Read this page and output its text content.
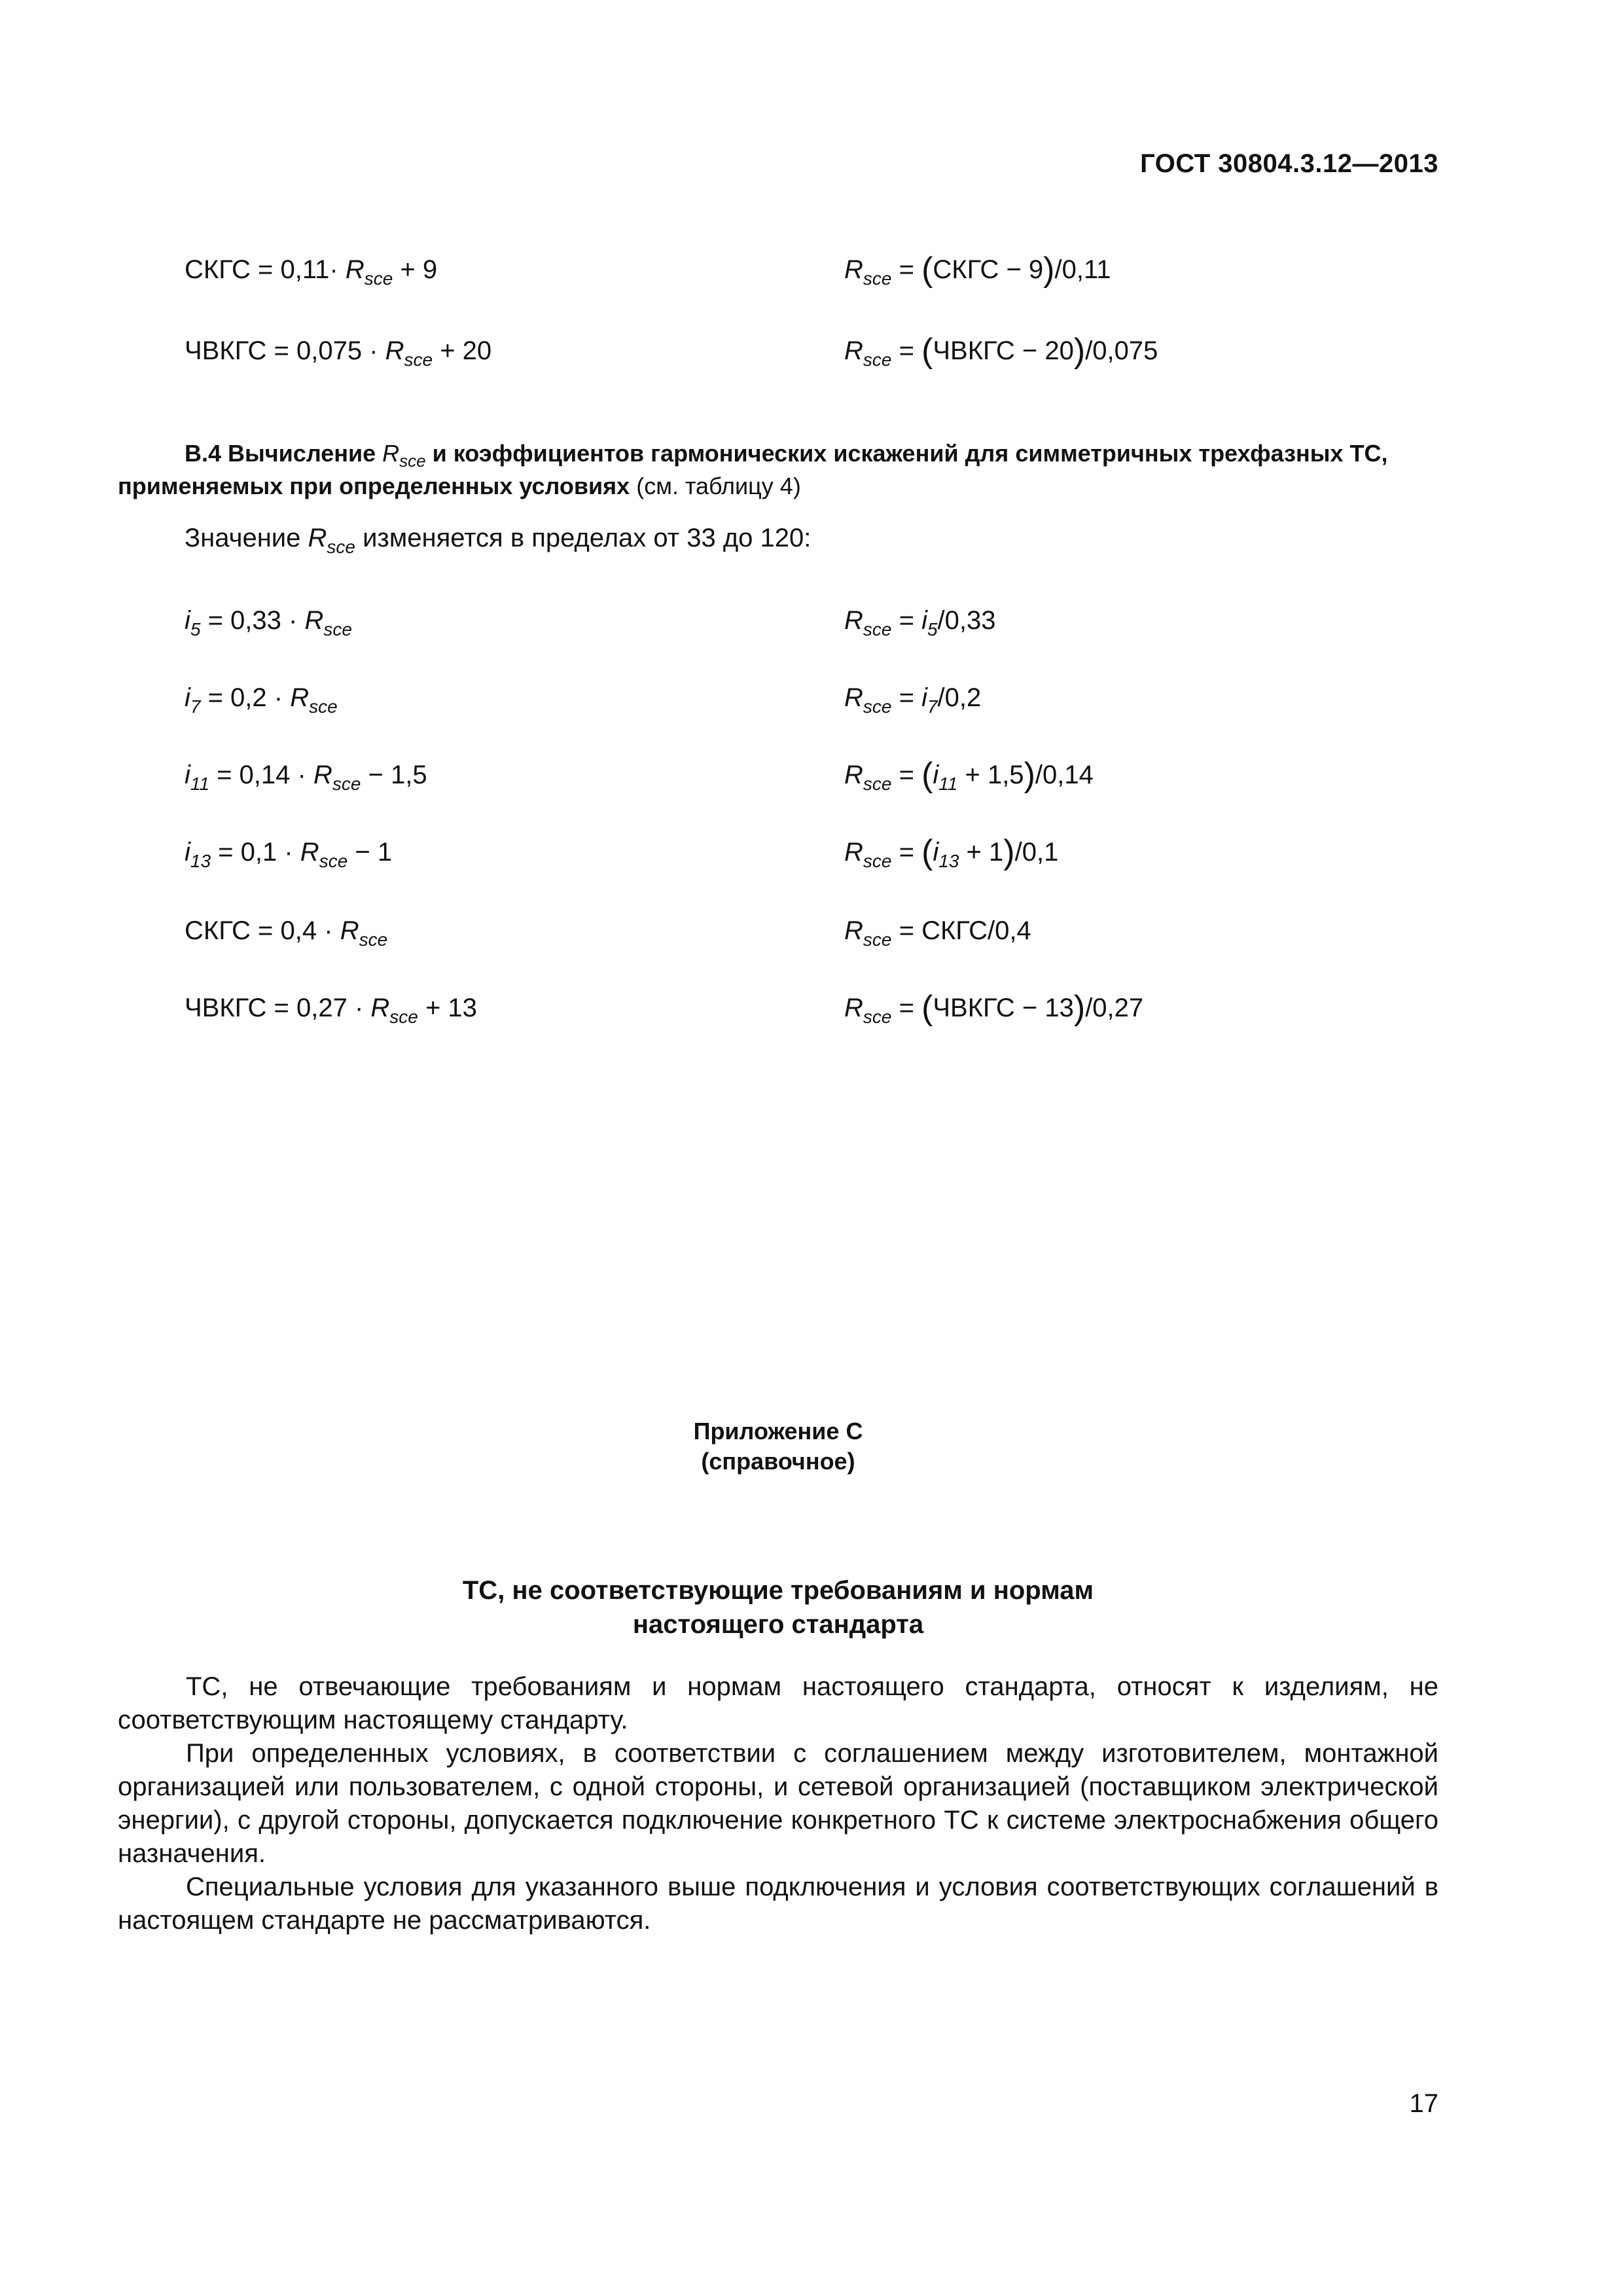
ГОСТ 30804.3.12—2013
СКГС = $0,11\cdot R_{sce} + 9$	$R_{sce}$ = (СКГС − 9)/0,11
ЧВКГС = $0,075 \cdot R_{sce} + 20$	$R_{sce}$ = (ЧВКГС − 20)/0,075
В.4 Вычисление $R_{sce}$ и коэффициентов гармонических искажений для симметричных трехфазных ТС, применяемых при определенных условиях (см. таблицу 4)
Значение $R_{sce}$ изменяется в пределах от 33 до 120:
$i_5 = 0,33 \cdot R_{sce}$	$R_{sce} = i_5/0,33$
$i_7 = 0,2 \cdot R_{sce}$	$R_{sce} = i_7/0,2$
$i_{11} = 0,14 \cdot R_{sce} - 1,5$	$R_{sce} = (i_{11} + 1,5)/0,14$
$i_{13} = 0,1 \cdot R_{sce} - 1$	$R_{sce} = (i_{13} + 1)/0,1$
СКГС = $0,4 \cdot R_{sce}$	$R_{sce}$ = СКГС/0,4
ЧВКГС = $0,27 \cdot R_{sce} + 13$	$R_{sce}$ = (ЧВКГС − 13)/0,27
Приложение С
(справочное)
ТС, не соответствующие требованиям и нормам
настоящего стандарта

ТС, не отвечающие требованиям и нормам настоящего стандарта, относят к изделиям, не соответствующим настоящему стандарту.

При определенных условиях, в соответствии с соглашением между изготовителем, монтажной организацией или пользователем, с одной стороны, и сетевой организацией (поставщиком электрической энергии), с другой стороны, допускается подключение конкретного ТС к системе электроснабжения общего назначения.

Специальные условия для указанного выше подключения и условия соответствующих соглашений в настоящем стандарте не рассматриваются.

17
